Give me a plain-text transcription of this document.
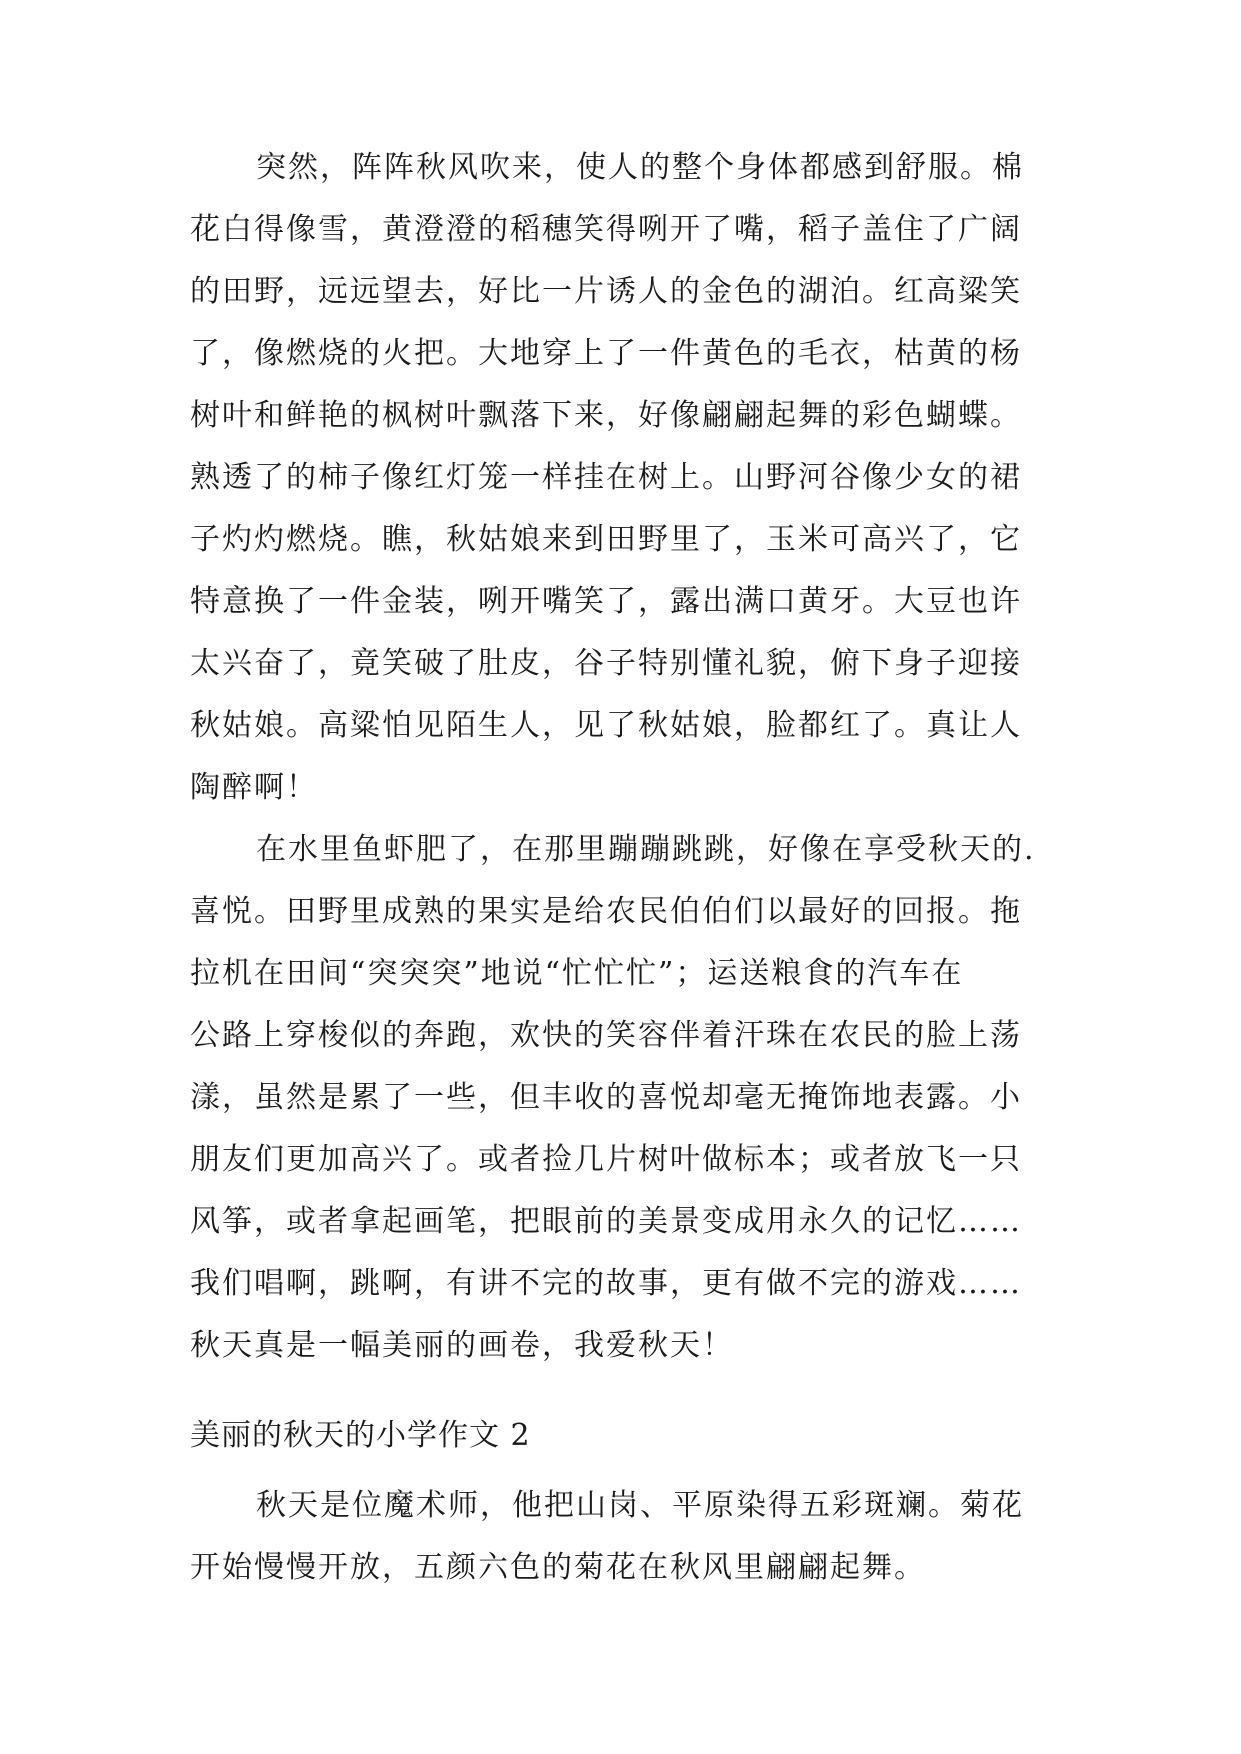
突然，阵阵秋风吹来，使人的整个身体都感到舒服。棉
花白得像雪，黄澄澄的稻穗笑得咧开了嘴，稻子盖住了广阔
的田野，远远望去，好比一片诱人的金色的湖泊。红高粱笑
了，像燃烧的火把。大地穿上了一件黄色的毛衣，枯黄的杨
树叶和鲜艳的枫树叶飘落下来，好像翩翩起舞的彩色蝴蝶。
熟透了的柿子像红灯笼一样挂在树上。山野河谷像少女的裙
子灼灼燃烧。瞧，秋姑娘来到田野里了，玉米可高兴了，它
特意换了一件金装，咧开嘴笑了，露出满口黄牙。大豆也许
太兴奋了，竟笑破了肚皮，谷子特别懂礼貌，俯下身子迎接
秋姑娘。高粱怕见陌生人，见了秋姑娘，脸都红了。真让人
陶醉啊！
在水里鱼虾肥了，在那里蹦蹦跳跳，好像在享受秋天的.
喜悦。田野里成熟的果实是给农民伯伯们以最好的回报。拖
拉机在田间“突突突”地说“忙忙忙”；运送粮食的汽车在
公路上穿梭似的奔跑，欢快的笑容伴着汗珠在农民的脸上荡
漾，虽然是累了一些，但丰收的喜悦却毫无掩饰地表露。小
朋友们更加高兴了。或者捡几片树叶做标本；或者放飞一只
风筝，或者拿起画笔，把眼前的美景变成用永久的记忆……
我们唱啊，跳啊，有讲不完的故事，更有做不完的游戏……
秋天真是一幅美丽的画卷，我爱秋天！
美丽的秋天的小学作文 2
秋天是位魔术师，他把山岗、平原染得五彩斑斓。菊花
开始慢慢开放，五颜六色的菊花在秋风里翩翩起舞。
